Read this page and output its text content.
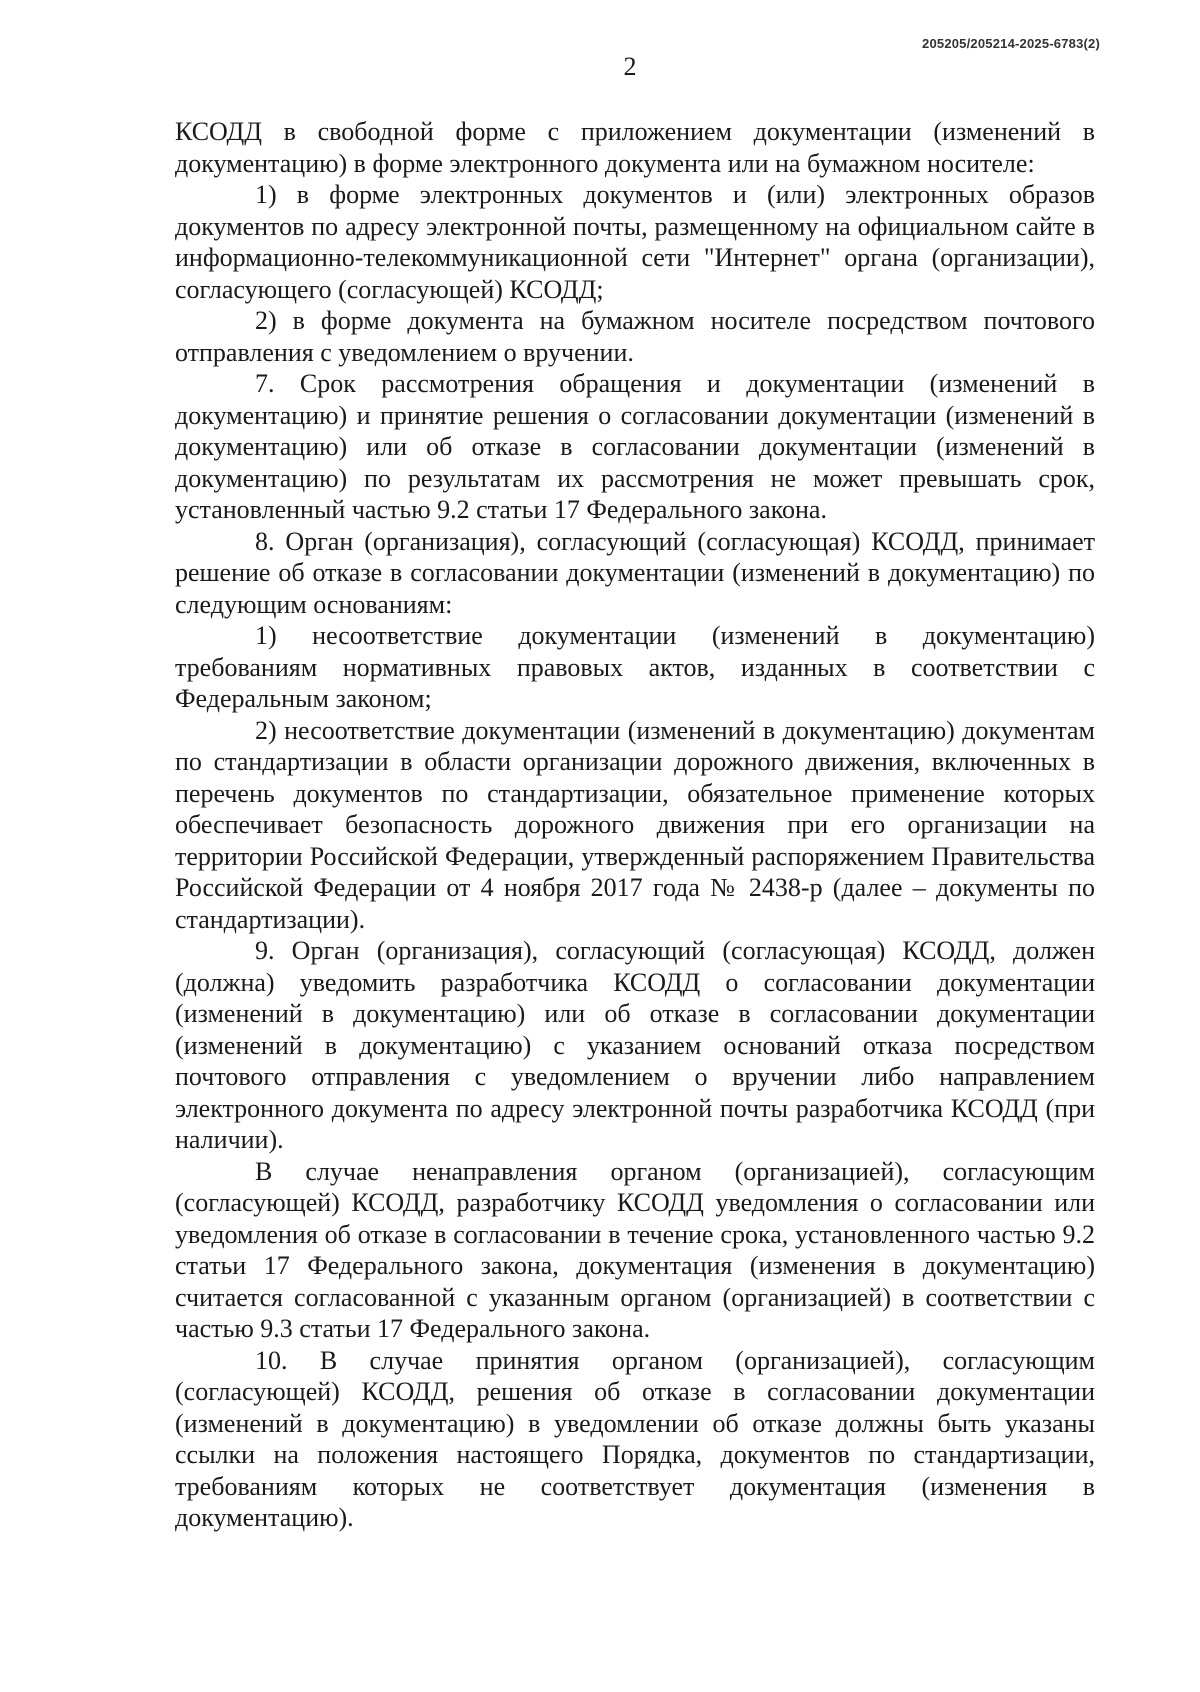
205205/205214-2025-6783(2)
2

КСОДД в свободной форме с приложением документации (изменений в документацию) в форме электронного документа или на бумажном носителе:

1) в форме электронных документов и (или) электронных образов документов по адресу электронной почты, размещенному на официальном сайте в информационно-телекоммуникационной сети "Интернет" органа (организации), согласующего (согласующей) КСОДД;

2) в форме документа на бумажном носителе посредством почтового отправления с уведомлением о вручении.

7. Срок рассмотрения обращения и документации (изменений в документацию) и принятие решения о согласовании документации (изменений в документацию) или об отказе в согласовании документации (изменений в документацию) по результатам их рассмотрения не может превышать срок, установленный частью 9.2 статьи 17 Федерального закона.

8. Орган (организация), согласующий (согласующая) КСОДД, принимает решение об отказе в согласовании документации (изменений в документацию) по следующим основаниям:

1) несоответствие документации (изменений в документацию) требованиям нормативных правовых актов, изданных в соответствии с Федеральным законом;

2) несоответствие документации (изменений в документацию) документам по стандартизации в области организации дорожного движения, включенных в перечень документов по стандартизации, обязательное применение которых обеспечивает безопасность дорожного движения при его организации на территории Российской Федерации, утвержденный распоряжением Правительства Российской Федерации от 4 ноября 2017 года № 2438-р (далее – документы по стандартизации).

9. Орган (организация), согласующий (согласующая) КСОДД, должен (должна) уведомить разработчика КСОДД о согласовании документации (изменений в документацию) или об отказе в согласовании документации (изменений в документацию) с указанием оснований отказа посредством почтового отправления с уведомлением о вручении либо направлением электронного документа по адресу электронной почты разработчика КСОДД (при наличии).

В случае ненаправления органом (организацией), согласующим (согласующей) КСОДД, разработчику КСОДД уведомления о согласовании или уведомления об отказе в согласовании в течение срока, установленного частью 9.2 статьи 17 Федерального закона, документация (изменения в документацию) считается согласованной с указанным органом (организацией) в соответствии с частью 9.3 статьи 17 Федерального закона.

10. В случае принятия органом (организацией), согласующим (согласующей) КСОДД, решения об отказе в согласовании документации (изменений в документацию) в уведомлении об отказе должны быть указаны ссылки на положения настоящего Порядка, документов по стандартизации, требованиям которых не соответствует документация (изменения в документацию).
